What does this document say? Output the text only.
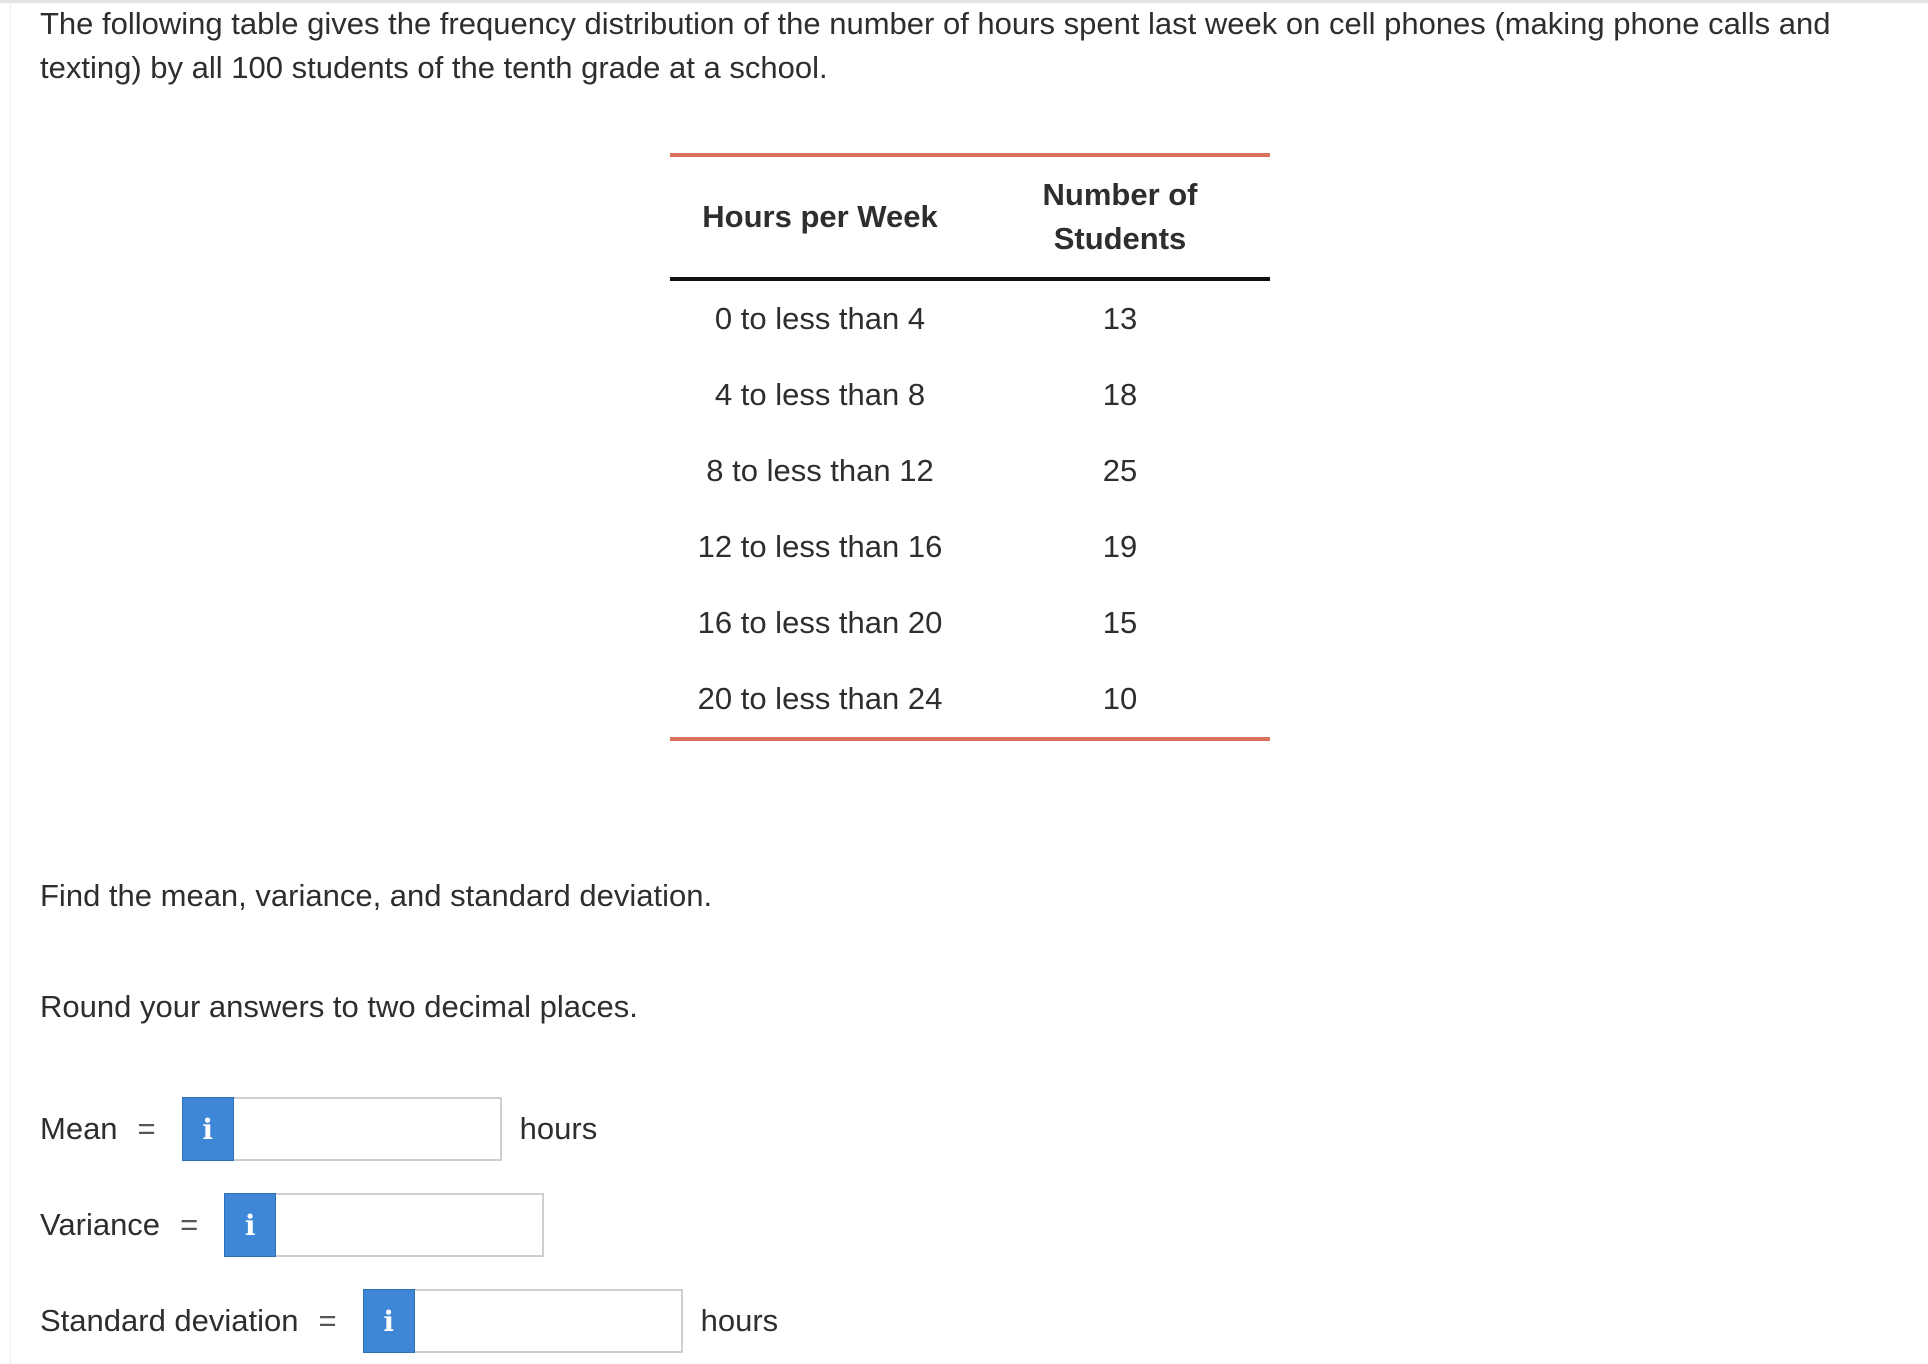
The following table gives the frequency distribution of the number of hours spent last week on cell phones (making phone calls and texting) by all 100 students of the tenth grade at a school.

Hours per Week	Number of Students

0 to less than 4	13
4 to less than 8	18
8 to less than 12	25
12 to less than 16	19
16 to less than 20	15
20 to less than 24	10

Find the mean, variance, and standard deviation.

Round your answers to two decimal places.

Mean =	i	hours
Variance =	i
Standard deviation =	i	hours
